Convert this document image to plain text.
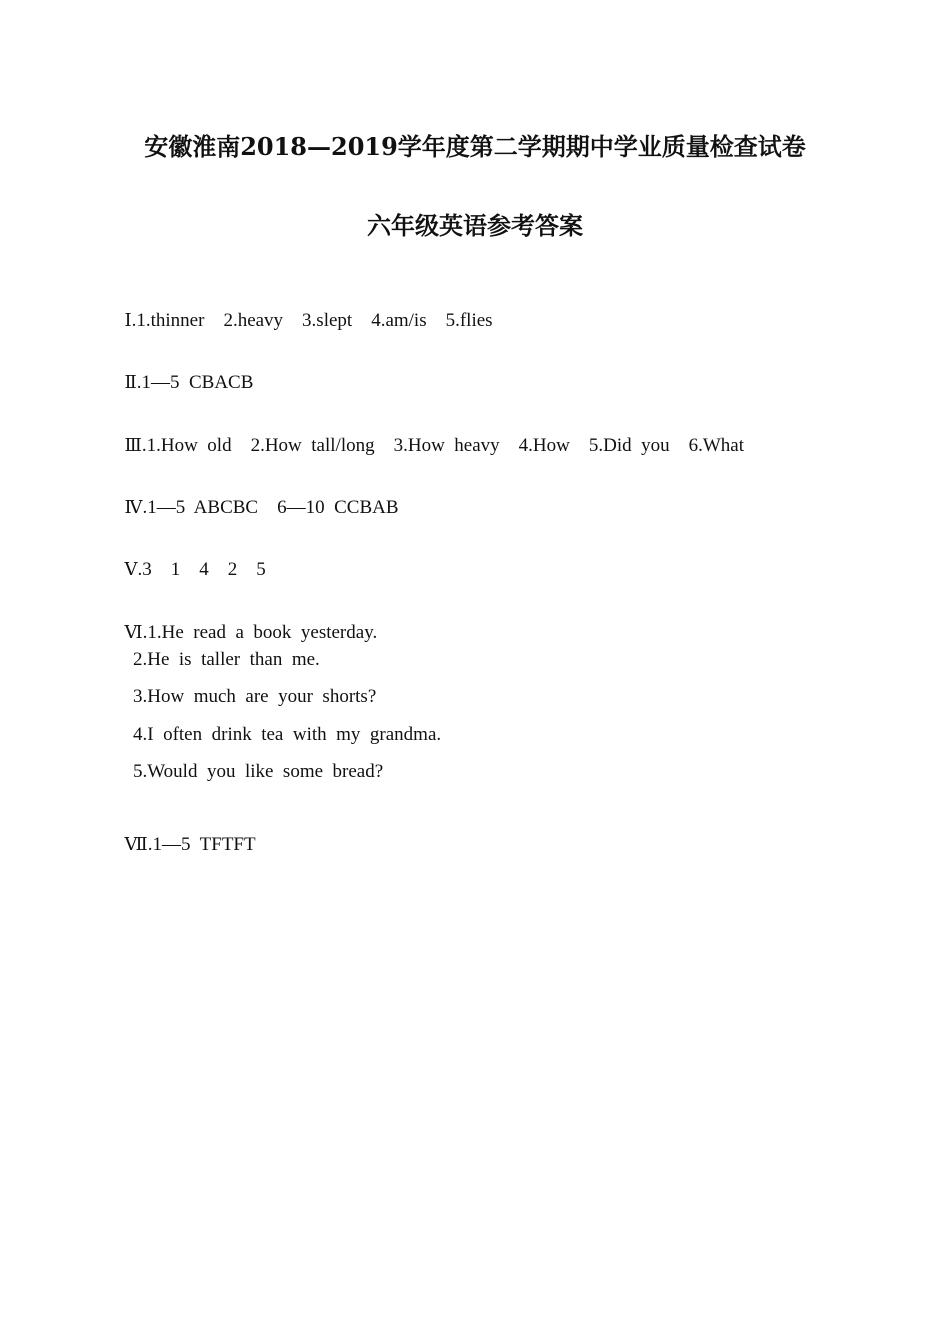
安徽淮南2018—2019学年度第二学期期中学业质量检查试卷
六年级英语参考答案

Ⅰ.1.thinner    2.heavy    3.slept    4.am/is    5.flies

Ⅱ.1—5  CBACB

Ⅲ.1.How  old    2.How  tall/long    3.How  heavy    4.How    5.Did  you    6.What

Ⅳ.1—5  ABCBC    6—10  CCBAB

Ⅴ.3    1    4    2    5

Ⅵ.1.He  read  a  book  yesterday.

2.He  is  taller  than  me.
3.How  much  are  your  shorts?
4.I  often  drink  tea  with  my  grandma.
5.Would  you  like  some  bread?

Ⅶ.1—5  TFTFT
